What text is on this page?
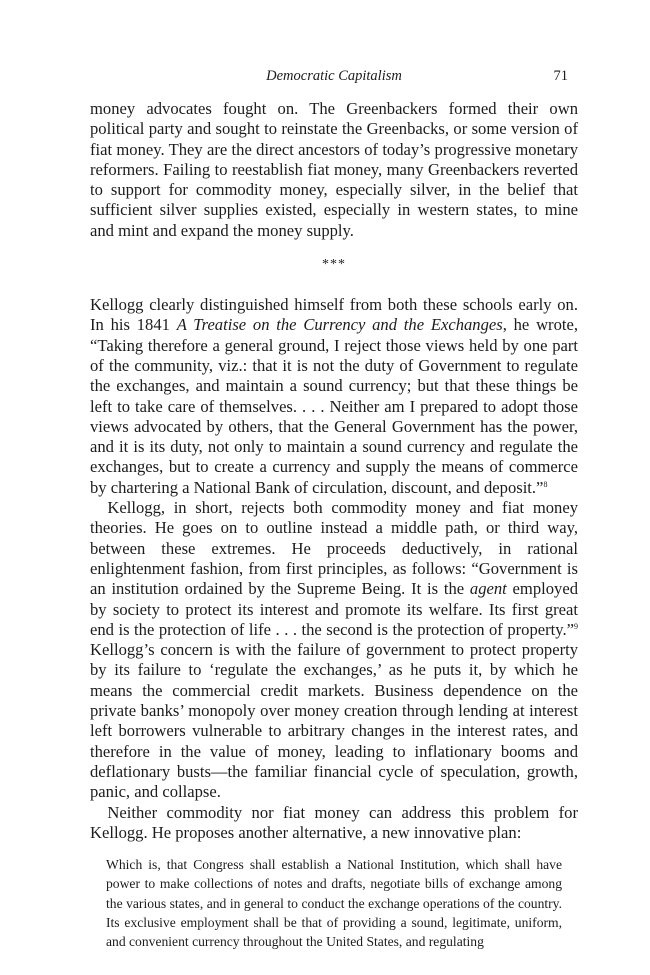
Democratic Capitalism	71

money advocates fought on. The Greenbackers formed their own political party and sought to reinstate the Greenbacks, or some version of fiat money. They are the direct ancestors of today’s progressive monetary reformers. Failing to reestablish fiat money, many Greenbackers reverted to support for commodity money, especially silver, in the belief that sufficient silver supplies existed, especially in western states, to mine and mint and expand the money supply.

***

Kellogg clearly distinguished himself from both these schools early on. In his 1841 A Treatise on the Currency and the Exchanges, he wrote, “Taking therefore a general ground, I reject those views held by one part of the community, viz.: that it is not the duty of Government to regulate the exchanges, and maintain a sound currency; but that these things be left to take care of themselves. . . . Neither am I prepared to adopt those views advocated by others, that the General Government has the power, and it is its duty, not only to maintain a sound currency and regulate the exchanges, but to create a currency and supply the means of commerce by chartering a National Bank of circulation, discount, and deposit.”$^8$

Kellogg, in short, rejects both commodity money and fiat money theories. He goes on to outline instead a middle path, or third way, between these extremes. He proceeds deductively, in rational enlightenment fashion, from first principles, as follows: “Government is an institution ordained by the Supreme Being. It is the agent employed by society to protect its interest and promote its welfare. Its first great end is the protection of life . . . the second is the protection of property.”$^9$ Kellogg’s concern is with the failure of government to protect property by its failure to ‘regulate the exchanges,’ as he puts it, by which he means the commercial credit markets. Business dependence on the private banks’ monopoly over money creation through lending at interest left borrowers vulnerable to arbitrary changes in the interest rates, and therefore in the value of money, leading to inflationary booms and deflationary busts—the familiar financial cycle of speculation, growth, panic, and collapse.

Neither commodity nor fiat money can address this problem for Kellogg. He proposes another alternative, a new innovative plan:

Which is, that Congress shall establish a National Institution, which shall have power to make collections of notes and drafts, negotiate bills of exchange among the various states, and in general to conduct the exchange operations of the country. Its exclusive employment shall be that of providing a sound, legitimate, uniform, and convenient currency throughout the United States, and regulating
